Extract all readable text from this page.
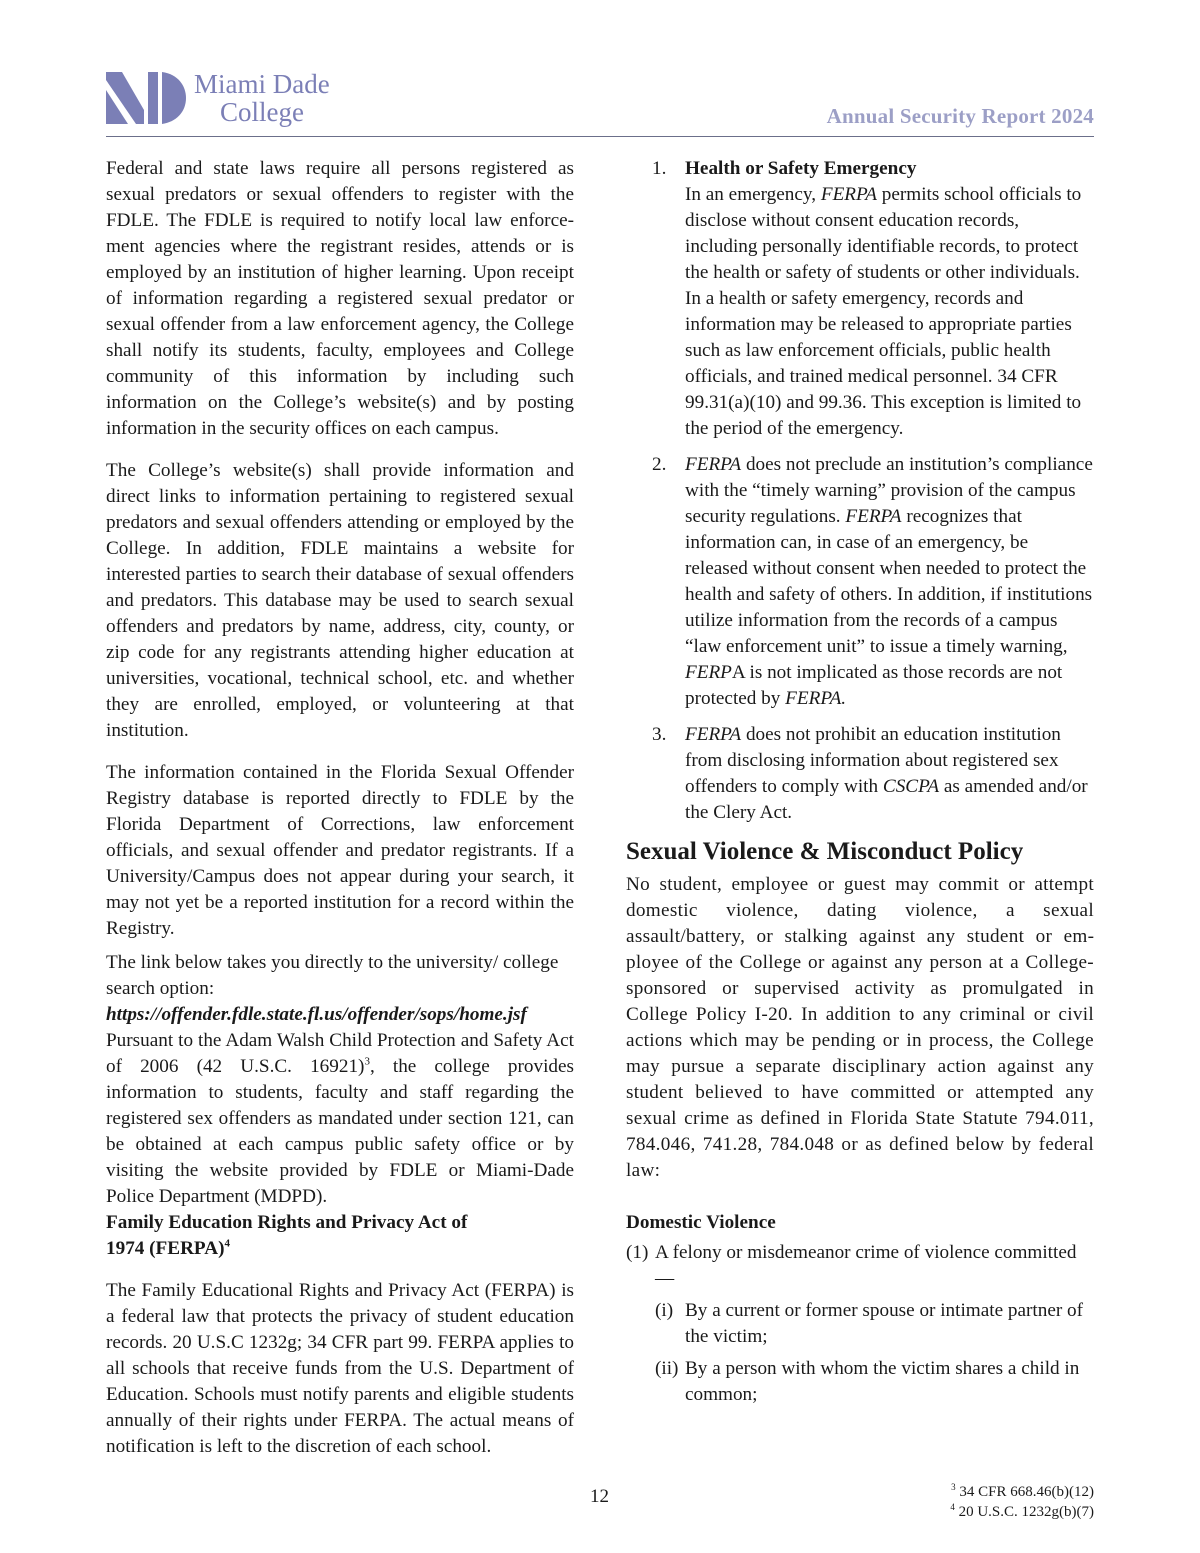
Miami Dade
College	Annual Security Report 2024

Federal and state laws require all persons registered as sexual predators or sexual offenders to register with the FDLE. The FDLE is required to notify local law enforcement agencies where the registrant resides, attends or is employed by an institution of higher learning. Upon receipt of information regarding a registered sexual predator or sexual offender from a law enforcement agency, the College shall notify its students, faculty, employees and College community of this information by including such information on the College’s website(s) and by posting information in the security offices on each campus.

The College’s website(s) shall provide information and direct links to information pertaining to registered sexual predators and sexual offenders attending or employed by the College. In addition, FDLE maintains a website for interested parties to search their database of sexual offenders and predators. This database may be used to search sexual offenders and predators by name, address, city, county, or zip code for any registrants attending higher education at universities, vocational, technical school, etc. and whether they are enrolled, employed, or volunteering at that institution.

The information contained in the Florida Sexual Offender Registry database is reported directly to FDLE by the Florida Department of Corrections, law enforcement officials, and sexual offender and predator registrants. If a University/Campus does not appear during your search, it may not yet be a reported institution for a record within the Registry.

The link below takes you directly to the university/ college search option:

https://offender.fdle.state.fl.us/offender/sops/home.jsf

Pursuant to the Adam Walsh Child Protection and Safety Act of 2006 (42 U.S.C. 16921)$^3$, the college provides information to students, faculty and staff regarding the registered sex offenders as mandated under section 121, can be obtained at each campus public safety office or by visiting the website provided by FDLE or Miami-Dade Police Department (MDPD).

Family Education Rights and Privacy Act of
1974 (FERPA)$^4$

The Family Educational Rights and Privacy Act (FERPA) is a federal law that protects the privacy of student education records. 20 U.S.C 1232g; 34 CFR part 99. FERPA applies to all schools that receive funds from the U.S. Department of Education. Schools must notify parents and eligible students annually of their rights under FERPA. The actual means of notification is left to the discretion of each school.

1. Health or Safety Emergency

In an emergency, FERPA permits school officials to disclose without consent education records, including personally identifiable records, to protect the health or safety of students or other individuals. In a health or safety emergency, records and information may be released to appropriate parties such as law enforcement officials, public health officials, and trained medical personnel. 34 CFR 99.31(a)(10) and 99.36. This exception is limited to the period of the emergency.

2. FERPA does not preclude an institution’s compliance with the “timely warning” provision of the campus security regulations. FERPA recognizes that information can, in case of an emergency, be released without consent when needed to protect the health and safety of others. In addition, if institutions utilize information from the records of a campus “law enforcement unit” to issue a timely warning, FERPA is not implicated as those records are not protected by FERPA.

3. FERPA does not prohibit an education institution from disclosing information about registered sex offenders to comply with CSCPA as amended and/or the Clery Act.

Sexual Violence & Misconduct Policy

No student, employee or guest may commit or attempt domestic violence, dating violence, a sexual assault/battery, or stalking against any student or employee of the College or against any person at a College-sponsored or supervised activity as promulgated in College Policy I-20. In addition to any criminal or civil actions which may be pending or in process, the College may pursue a separate disciplinary action against any student believed to have committed or attempted any sexual crime as defined in Florida State Statute 794.011, 784.046, 741.28, 784.048 or as defined below by federal law:

Domestic Violence
(1) A felony or misdemeanor crime of violence committed —
(i) By a current or former spouse or intimate partner of the victim;
(ii) By a person with whom the victim shares a child in common;
12	$^3$ 34 CFR 668.46(b)(12)
$^4$ 20 U.S.C. 1232g(b)(7)
